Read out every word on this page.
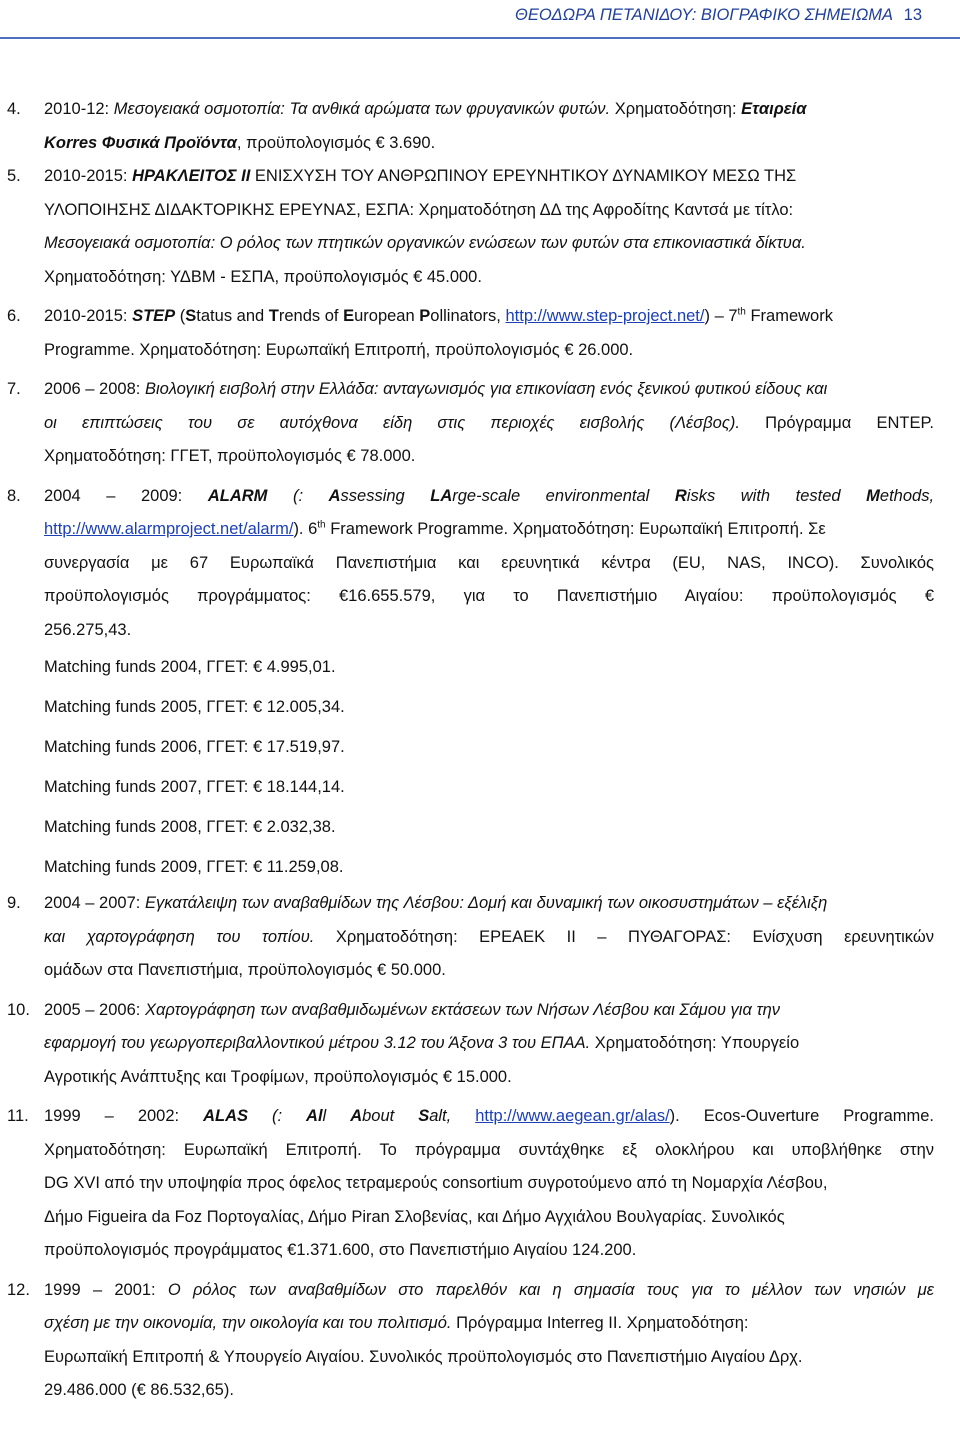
ΘΕΟΔΩΡΑ ΠΕΤΑΝΙΔΟΥ: ΒΙΟΓΡΑΦΙΚΟ ΣΗΜΕΙΩΜΑ 13
4. 2010-12: Μεσογειακά οσμοτοπία: Τα ανθικά αρώματα των φρυγανικών φυτών. Χρηματοδότηση: Εταιρεία
Korres Φυσικά Προϊόντα, προϋπολογισμός € 3.690.
5. 2010-2015: ΗΡΑΚΛΕΙΤΟΣ ΙΙ ΕΝΙΣΧΥΣΗ ΤΟΥ ΑΝΘΡΩΠΙΝΟΥ ΕΡΕΥΝΗΤΙΚΟΥ ΔΥΝΑΜΙΚΟΥ ΜΕΣΩ ΤΗΣ
ΥΛΟΠΟΙΗΣΗΣ ΔΙΔΑΚΤΟΡΙΚΗΣ ΕΡΕΥΝΑΣ, ΕΣΠΑ: Χρηματοδότηση ΔΔ της Αφροδίτης Καντσά με τίτλο:
Μεσογειακά οσμοτοπία: Ο ρόλος των πτητικών οργανικών ενώσεων των φυτών στα επικονιαστικά δίκτυα.
Χρηματοδότηση: ΥΔΒΜ - ΕΣΠΑ, προϋπολογισμός € 45.000.
6. 2010-2015: STEP (Status and Trends of European Pollinators, http://www.step-project.net/) – 7th Framework
Programme. Χρηματοδότηση: Ευρωπαϊκή Επιτροπή, προϋπολογισμός € 26.000.
7. 2006 – 2008: Βιολογική εισβολή στην Ελλάδα: ανταγωνισμός για επικονίαση ενός ξενικού φυτικού είδους και
οι επιπτώσεις του σε αυτόχθονα είδη στις περιοχές εισβολής (Λέσβος). Πρόγραμμα ΕΝΤΕΡ.
Χρηματοδότηση: ΓΓΕΤ, προϋπολογισμός € 78.000.
8. 2004 – 2009: ALARM (: Assessing LArge-scale environmental Risks with tested Methods,
http://www.alarmproject.net/alarm/). 6th Framework Programme. Χρηματοδότηση: Ευρωπαϊκή Επιτροπή. Σε
συνεργασία με 67 Ευρωπαϊκά Πανεπιστήμια και ερευνητικά κέντρα (EU, NAS, INCO). Συνολικός
προϋπολογισμός προγράμματος: €16.655.579, για το Πανεπιστήμιο Αιγαίου: προϋπολογισμός €
256.275,43.
Matching funds 2004, ΓΓΕΤ: € 4.995,01.
Matching funds 2005, ΓΓΕΤ: € 12.005,34.
Matching funds 2006, ΓΓΕΤ: € 17.519,97.
Matching funds 2007, ΓΓΕΤ: € 18.144,14.
Matching funds 2008, ΓΓΕΤ: € 2.032,38.
Matching funds 2009, ΓΓΕΤ: € 11.259,08.
9. 2004 – 2007: Εγκατάλειψη των αναβαθμίδων της Λέσβου: Δομή και δυναμική των οικοσυστημάτων – εξέλιξη
και χαρτογράφηση του τοπίου. Χρηματοδότηση: ΕΡΕΑΕΚ ΙΙ – ΠΥΘΑΓΟΡΑΣ: Ενίσχυση ερευνητικών
ομάδων στα Πανεπιστήμια, προϋπολογισμός € 50.000.
10. 2005 – 2006: Χαρτογράφηση των αναβαθμιδωμένων εκτάσεων των Νήσων Λέσβου και Σάμου για την
εφαρμογή του γεωργοπεριβαλλοντικού μέτρου 3.12 του Άξονα 3 του ΕΠΑΑ. Χρηματοδότηση: Υπουργείο
Αγροτικής Ανάπτυξης και Τροφίμων, προϋπολογισμός € 15.000.
11. 1999 – 2002: ALAS (: All About Salt, http://www.aegean.gr/alas/). Ecos-Ouverture Programme.
Χρηματοδότηση: Ευρωπαϊκή Επιτροπή. Το πρόγραμμα συντάχθηκε εξ ολοκλήρου και υποβλήθηκε στην
DG XVI από την υποψηφία προς όφελος τετραμερούς consortium συγροτούμενο από τη Νομαρχία Λέσβου,
Δήμο Figueira da Foz Πορτογαλίας, Δήμο Piran Σλοβενίας, και Δήμο Αγχιάλου Βουλγαρίας. Συνολικός
προϋπολογισμός προγράμματος €1.371.600, στο Πανεπιστήμιο Αιγαίου 124.200.
12. 1999 – 2001: Ο ρόλος των αναβαθμίδων στο παρελθόν και η σημασία τους για το μέλλον των νησιών με
σχέση με την οικονομία, την οικολογία και του πολιτισμό. Πρόγραμμα Interreg II. Χρηματοδότηση:
Ευρωπαϊκή Επιτροπή & Υπουργείο Αιγαίου. Συνολικός προϋπολογισμός στο Πανεπιστήμιο Αιγαίου Δρχ.
29.486.000 (€ 86.532,65).
